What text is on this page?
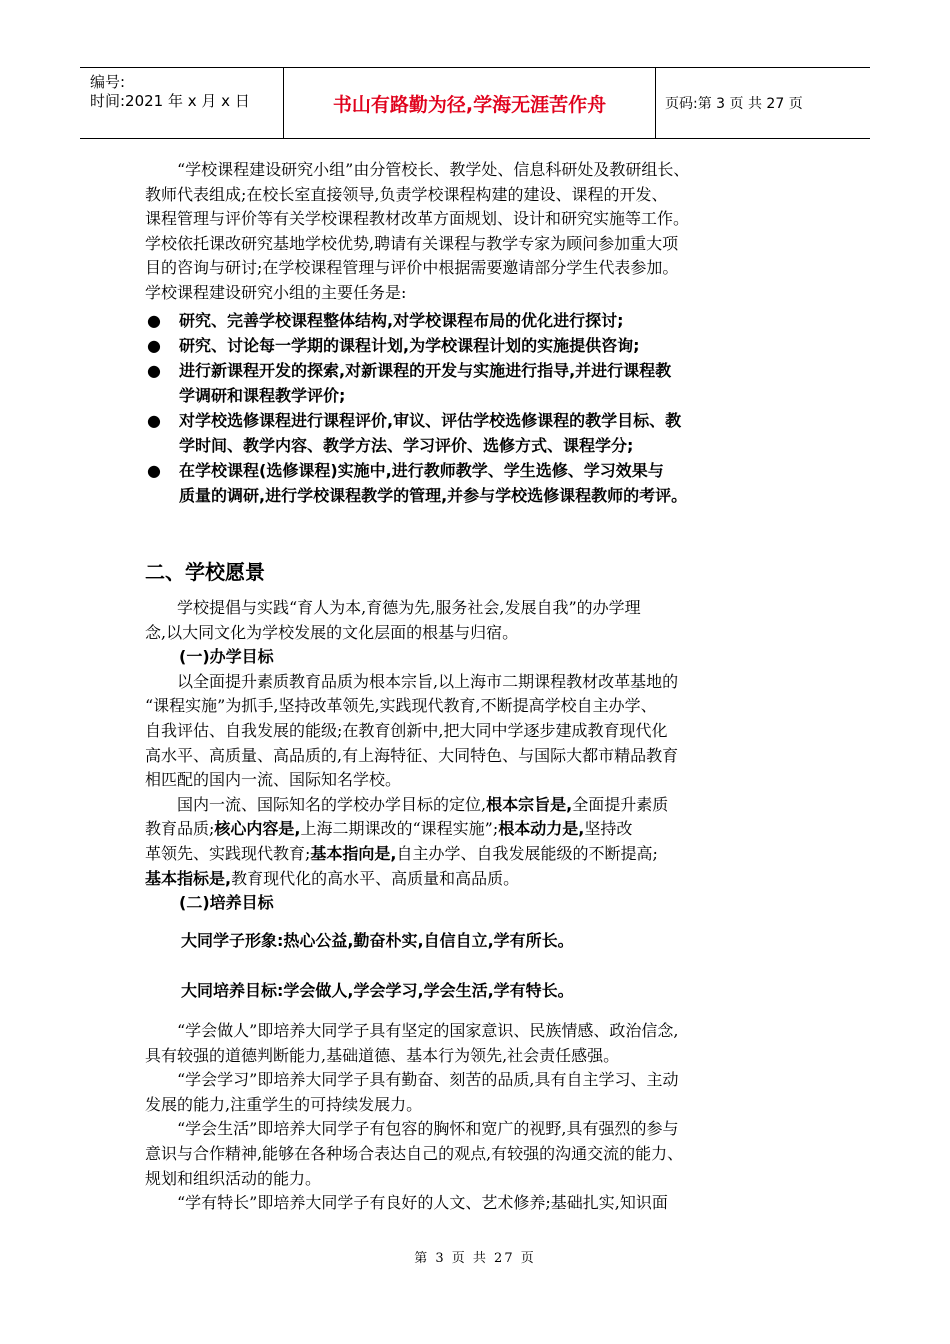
编号:
时间:2021 年 x 月 x 日	书山有路勤为径,学海无涯苦作舟	页码:第 3 页 共 27 页

“学校课程建设研究小组”由分管校长、教学处、信息科研处及教研组长、

教师代表组成;在校长室直接领导,负责学校课程构建的建设、课程的开发、

课程管理与评价等有关学校课程教材改革方面规划、设计和研究实施等工作。

学校依托课改研究基地学校优势,聘请有关课程与教学专家为顾问参加重大项

目的咨询与研讨;在学校课程管理与评价中根据需要邀请部分学生代表参加。

学校课程建设研究小组的主要任务是:

● 研究、完善学校课程整体结构,对学校课程布局的优化进行探讨;

● 研究、讨论每一学期的课程计划,为学校课程计划的实施提供咨询;

● 进行新课程开发的探索,对新课程的开发与实施进行指导,并进行课程教

学调研和课程教学评价;

● 对学校选修课程进行课程评价,审议、评估学校选修课程的教学目标、教

学时间、教学内容、教学方法、学习评价、选修方式、课程学分;

● 在学校课程(选修课程)实施中,进行教师教学、学生选修、学习效果与

质量的调研,进行学校课程教学的管理,并参与学校选修课程教师的考评。

二、学校愿景

学校提倡与实践“育人为本,育德为先,服务社会,发展自我”的办学理

念,以大同文化为学校发展的文化层面的根基与归宿。

(一)办学目标

以全面提升素质教育品质为根本宗旨,以上海市二期课程教材改革基地的

“课程实施”为抓手,坚持改革领先,实践现代教育,不断提高学校自主办学、

自我评估、自我发展的能级;在教育创新中,把大同中学逐步建成教育现代化

高水平、高质量、高品质的,有上海特征、大同特色、与国际大都市精品教育

相匹配的国内一流、国际知名学校。

国内一流、国际知名的学校办学目标的定位,根本宗旨是,全面提升素质

教育品质;核心内容是,上海二期课改的“课程实施”;根本动力是,坚持改

革领先、实践现代教育;基本指向是,自主办学、自我发展能级的不断提高;

基本指标是,教育现代化的高水平、高质量和高品质。

(二)培养目标

大同学子形象:热心公益,勤奋朴实,自信自立,学有所长。

大同培养目标:学会做人,学会学习,学会生活,学有特长。

“学会做人”即培养大同学子具有坚定的国家意识、民族情感、政治信念,

具有较强的道德判断能力,基础道德、基本行为领先,社会责任感强。

“学会学习”即培养大同学子具有勤奋、刻苦的品质,具有自主学习、主动

发展的能力,注重学生的可持续发展力。

“学会生活”即培养大同学子有包容的胸怀和宽广的视野,具有强烈的参与

意识与合作精神,能够在各种场合表达自己的观点,有较强的沟通交流的能力、

规划和组织活动的能力。

“学有特长”即培养大同学子有良好的人文、艺术修养;基础扎实,知识面

第 3 页 共 27 页
